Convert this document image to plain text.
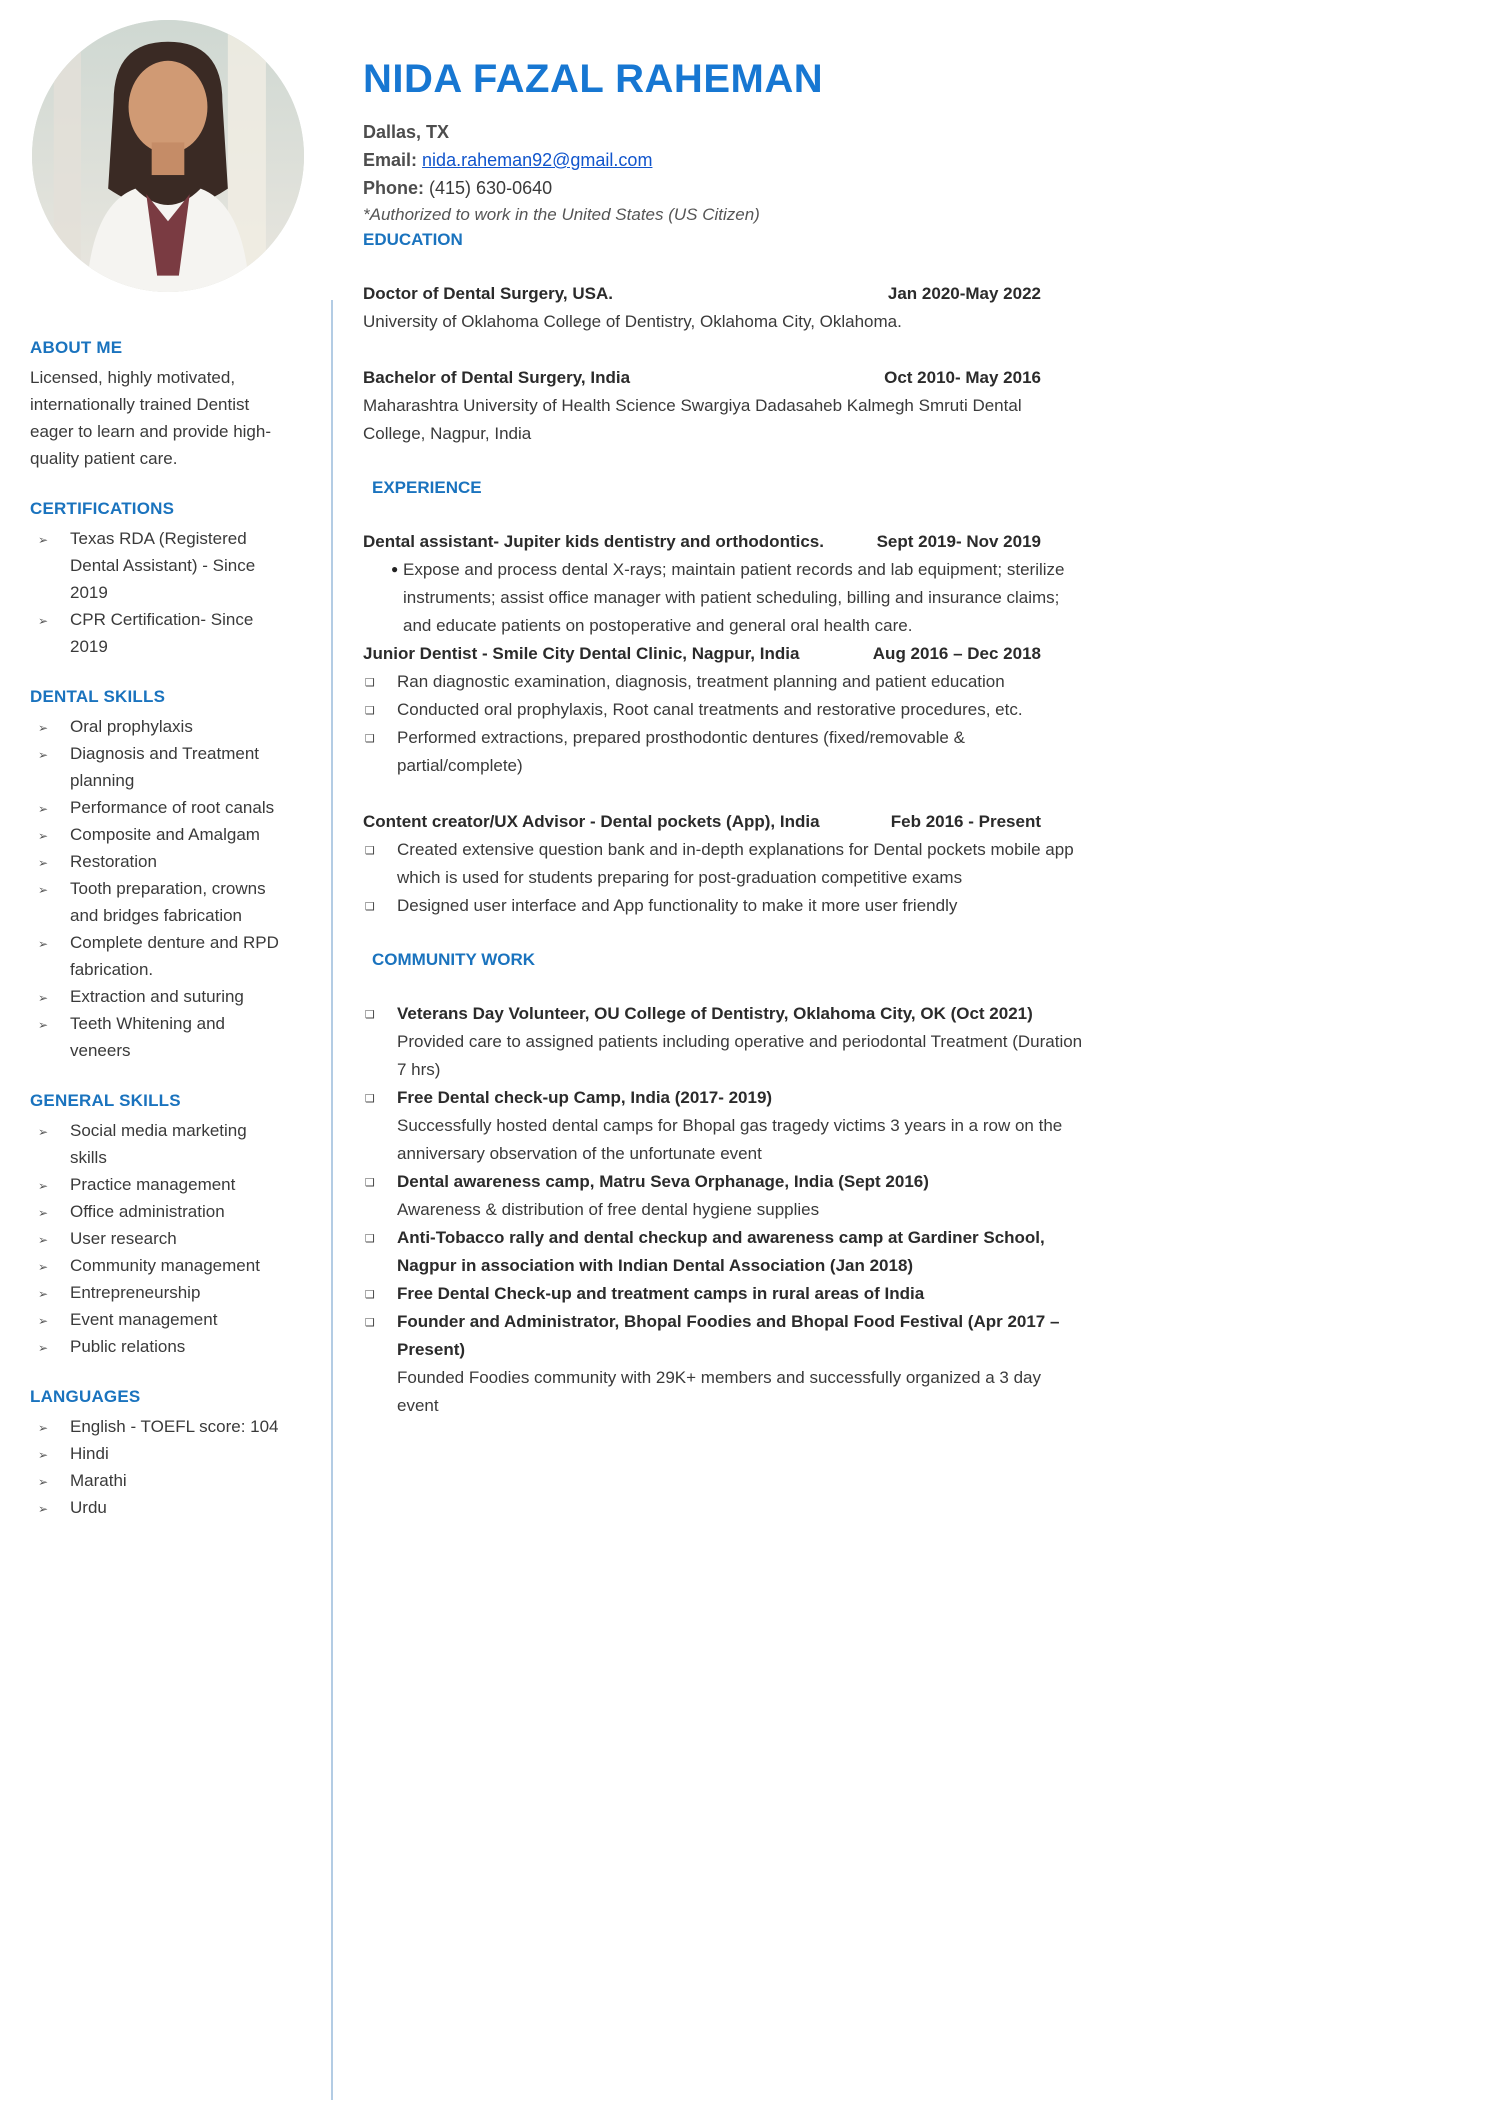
ABOUT ME

Licensed, highly motivated, internationally trained Dentist eager to learn and provide high-quality patient care.

CERTIFICATIONS
➢	Texas RDA (Registered Dental Assistant) - Since 2019
➢	CPR Certification- Since 2019
DENTAL SKILLS
➢	Oral prophylaxis
➢	Diagnosis and Treatment planning
➢	Performance of root canals
➢	Composite and Amalgam
➢	Restoration
➢	Tooth preparation, crowns and bridges fabrication
➢	Complete denture and RPD fabrication.
➢	Extraction and suturing
➢	Teeth Whitening and veneers
GENERAL SKILLS
➢	Social media marketing skills
➢	Practice management
➢	Office administration
➢	User research
➢	Community management
➢	Entrepreneurship
➢	Event management
➢	Public relations
LANGUAGES
➢	English - TOEFL score: 104
➢	Hindi
➢	Marathi
➢	Urdu
NIDA FAZAL RAHEMAN
Dallas, TX
Email: nida.raheman92@gmail.com
Phone: (415) 630-0640
*Authorized to work in the United States (US Citizen)
EDUCATION
Doctor of Dental Surgery, USA.	Jan 2020-May 2022
University of Oklahoma College of Dentistry, Oklahoma City, Oklahoma.
Bachelor of Dental Surgery, India	Oct 2010- May 2016
Maharashtra University of Health Science Swargiya Dadasaheb Kalmegh Smruti Dental College, Nagpur, India
EXPERIENCE
Dental assistant- Jupiter kids dentistry and orthodontics.	Sept 2019- Nov 2019
● Expose and process dental X-rays; maintain patient records and lab equipment; sterilize instruments; assist office manager with patient scheduling, billing and insurance claims; and educate patients on postoperative and general oral health care.
Junior Dentist - Smile City Dental Clinic, Nagpur, India	Aug 2016 – Dec 2018
❑	Ran diagnostic examination, diagnosis, treatment planning and patient education
❑	Conducted oral prophylaxis, Root canal treatments and restorative procedures, etc.
❑	Performed extractions, prepared prosthodontic dentures (fixed/removable & partial/complete)
Content creator/UX Advisor - Dental pockets (App), India	Feb 2016 - Present
❑	Created extensive question bank and in-depth explanations for Dental pockets mobile app which is used for students preparing for post-graduation competitive exams
❑	Designed user interface and App functionality to make it more user friendly
COMMUNITY WORK
❑	Veterans Day Volunteer, OU College of Dentistry, Oklahoma City, OK (Oct 2021)
Provided care to assigned patients including operative and periodontal Treatment (Duration 7 hrs)
❑	Free Dental check-up Camp, India (2017- 2019)
Successfully hosted dental camps for Bhopal gas tragedy victims 3 years in a row on the anniversary observation of the unfortunate event
❑	Dental awareness camp, Matru Seva Orphanage, India (Sept 2016)
Awareness & distribution of free dental hygiene supplies
❑	Anti-Tobacco rally and dental checkup and awareness camp at Gardiner School, Nagpur in association with Indian Dental Association (Jan 2018)
❑	Free Dental Check-up and treatment camps in rural areas of India
❑	Founder and Administrator, Bhopal Foodies and Bhopal Food Festival (Apr 2017 – Present)
Founded Foodies community with 29K+ members and successfully organized a 3 day event
